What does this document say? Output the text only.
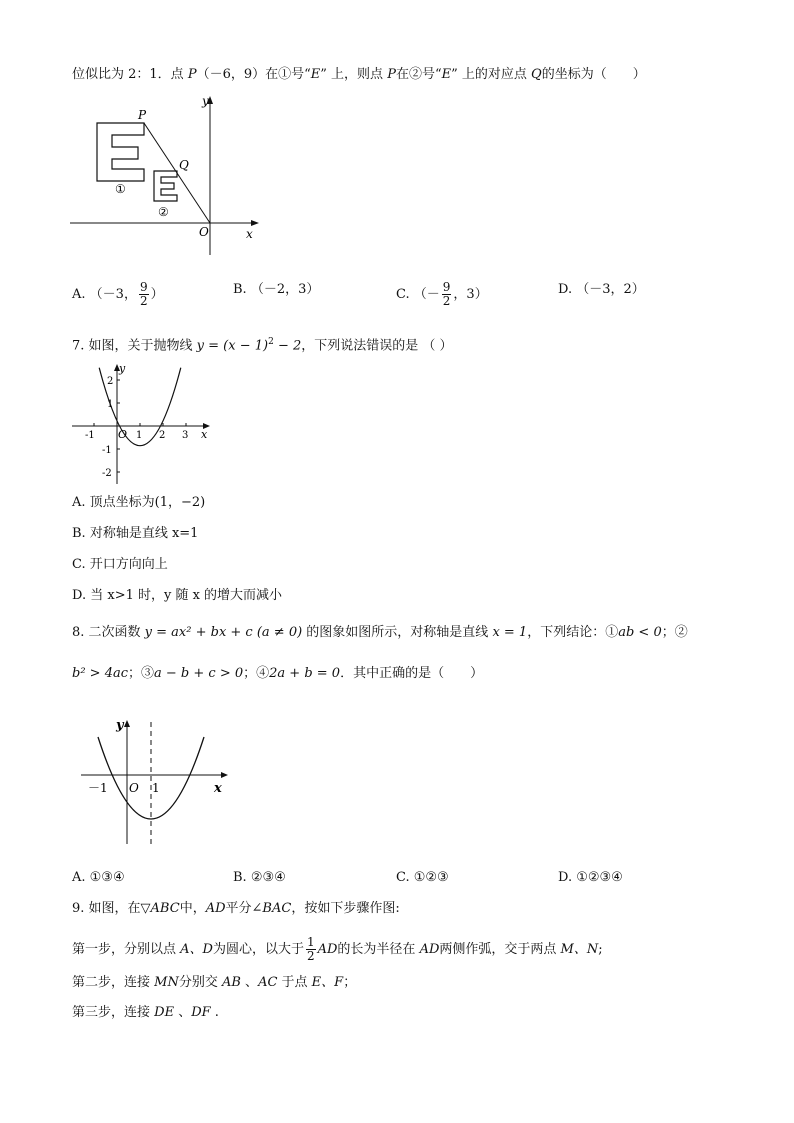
位似比为 2：1．点 P（－6，9）在①号“E” 上，则点 P在②号“E” 上的对应点 Q的坐标为（　　）
y
x
O
P
Q
①
②
A. （－3， $\frac{9}{2}$ ）	B. （－2，3）	C. （－ $\frac{9}{2}$ ，3）	D. （－3，2）
7. 如图，关于抛物线 $y = (x - 1)^2 - 2$，下列说法错误的是 （ ）
y
x
O
-1	1 2 3
2
1
-1
-2
A. 顶点坐标为(1，−2)
B. 对称轴是直线 x=1
C. 开口方向向上
D. 当 x>1 时，y 随 x 的增大而减小
8. 二次函数 y = ax² + bx + c (a ≠ 0) 的图象如图所示，对称轴是直线 x = 1，下列结论：①ab < 0；②
b² > 4ac；③a − b + c > 0；④2a + b = 0．其中正确的是（　　）
y
x
O
－1	1
A. ①③④	B. ②③④	C. ①②③	D. ①②③④
9. 如图，在▽ABC中，AD平分∠BAC，按如下步骤作图:
第一步，分别以点 A、D为圆心，以大于 $\frac{1}{2}$ AD的长为半径在 AD两侧作弧，交于两点 M、N;
第二步，连接 MN分别交 AB 、AC 于点 E、F；
第三步，连接 DE 、DF .
